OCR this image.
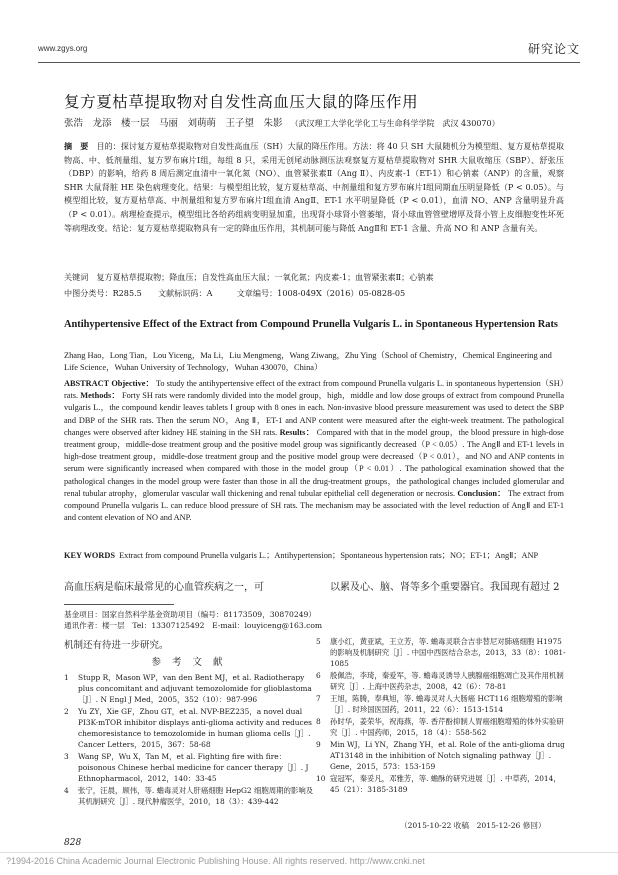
www.zgys.org	研究论文
复方夏枯草提取物对自发性高血压大鼠的降压作用
张浩　龙添　楼一层　马丽　刘萌萌　王子望　朱影 （武汉理工大学化学化工与生命科学学院　武汉 430070）
摘　要　 目的：探讨复方夏枯草提取物对自发性高血压（SH）大鼠的降压作用。方法：将 40 只 SH 大鼠随机分为模型组、复方夏枯草提取物高、中、低剂量组、复方罗布麻片Ⅰ组，每组 8 只，采用无创尾动脉测压法观察复方夏枯草提取物对 SHR 大鼠收缩压（SBP）、舒张压（DBP）的影响，给药 8 周后测定血清中一氧化氮（NO）、血管紧张素Ⅱ（Ang Ⅱ）、内皮素-1（ET-1）和心钠素（ANP）的含量，观察 SHR 大鼠肾脏 HE 染色病理变化。结果：与模型组比较，复方夏枯草高、中剂量组和复方罗布麻片Ⅰ组同期血压明显降低（P < 0.05）。与模型组比较，复方夏枯草高、中剂量组和复方罗布麻片Ⅰ组血清 AngⅡ、ET-1 水平明显降低（P < 0.01），血清 NO、ANP 含量明显升高（P < 0.01）。病理检查提示，模型组比各给药组病变明显加重，出现肾小球肾小管萎缩，肾小球血管管壁增厚及肾小管上皮细胞变性坏死等病理改变。结论：复方夏枯草提取物具有一定的降血压作用，其机制可能与降低 AngⅡ和 ET-1 含量、升高 NO 和 ANP 含量有关。
关键词　 复方夏枯草提取物；降血压；自发性高血压大鼠；一氧化氮；内皮素-1；血管紧张素Ⅱ；心钠素
中图分类号：R285.5　　文献标识码：A　　　文章编号：1008-049X（2016）05-0828-05
Antihypertensive Effect of the Extract from Compound Prunella Vulgaris L. in Spontaneous Hypertension Rats
Zhang Hao，Long Tian，Lou Yiceng，Ma Li，Liu Mengmeng，Wang Ziwang，Zhu Ying（School of Chemistry，Chemical Engineering and Life Science，Wuhan University of Technology，Wuhan 430070，China）
ABSTRACT Objective： To study the antihypertensive effect of the extract from compound Prunella vulgaris L. in spontaneous hypertension（SH）rats. Methods： Forty SH rats were randomly divided into the model group，high，middle and low dose groups of extract from compound Prunella vulgaris L.，the compound kendir leaves tablets Ⅰ group with 8 ones in each. Non-invasive blood pressure measurement was used to detect the SBP and DBP of the SHR rats. Then the serum NO，Ang Ⅱ，ET-1 and ANP content were measured after the eight-week treatment. The pathological changes were observed after kidney HE staining in the SH rats. Results： Compared with that in the model group，the blood pressure in high-dose treatment group，middle-dose treatment group and the positive model group was significantly decreased（P < 0.05）. The AngⅡ and ET-1 levels in high-dose treatment group，middle-dose treatment group and the positive model group were decreased（P < 0.01），and NO and ANP contents in serum were significantly increased when compared with those in the model group（P < 0.01）. The pathological examination showed that the pathological changes in the model group were faster than those in all the drug-treatment groups，the pathological changes included glomerular and renal tubular atrophy，glomerular vascular wall thickening and renal tubular epithelial cell degeneration or necrosis. Conclusion： The extract from compound Prunella vulgaris L. can reduce blood pressure of SH rats. The mechanism may be associated with the level reduction of AngⅡ and ET-1 and content elevation of NO and ANP.
KEY WORDS Extract from compound Prunella vulgaris L.；Antihypertension；Spontaneous hypertension rats；NO；ET-1；AngⅡ；ANP
高血压病是临床最常见的心血管疾病之一，可	以累及心、脑、肾等多个重要器官。我国现有超过 2
基金项目：国家自然科学基金资助项目（编号：81173509，30870249）
通讯作者：楼一层　Tel：13307125492　E-mail：louyiceng@163.com
机制还有待进一步研究。
参 考 文 献
1	Stupp R，Mason WP，van den Bent MJ，et al. Radiotherapy plus concomitant and adjuvant temozolomide for glioblastoma［J］. N Engl J Med，2005，352（10）：987-996
2	Yu ZY，Xie GF，Zhou GT，et al. NVP-BEZ235，a novel dual PI3K-mTOR inhibitor displays anti-glioma activity and reduces chemoresistance to temozolomide in human glioma cells［J］. Cancer Letters，2015，367：58-68
3	Wang SP，Wu X，Tan M，et al. Fighting fire with fire：poisonous Chinese herbal medicine for cancer therapy［J］. J Ethnopharmacol，2012，140：33-45
4	张宁，汪晨，顾伟，等. 蟾毒灵对人肝癌细胞 HepG2 细胞周期的影响及其机制研究［J］. 现代肿瘤医学，2010，18（3）：439-442
5	康小红，黄亚斌，王立芳，等. 蟾毒灵联合吉非替尼对肺癌细胞 H1975 的影响及机制研究［J］. 中国中西医结合杂志，2013，33（8）：1081-1085
6	殷佩浩，李琦，秦爱军，等. 蟾毒灵诱导人胰腺癌细胞凋亡及其作用机制研究［J］. 上海中医药杂志，2008，42（6）：78-81
7	王旭，陈腾，奉典旭，等. 蟾毒灵对人大肠癌 HCT116 细胞增殖的影响［J］. 时珍国医国药，2011，22（6）：1513-1514
8	孙时华，姜荣华，祝海燕，等. 香芹酚抑制人胃癌细胞增殖的体外实验研究［J］. 中国药师，2015，18（4）：558-562
9	Min WJ，Li YN，Zhang YH，et al. Role of the anti-glioma drug AT13148 in the inhibition of Notch signaling pathway［J］. Gene，2015，573：153-159
10 寇冠军，秦妥凡，邓雅芳，等. 蟾酥的研究进展［J］. 中草药，2014，45（21）：3185-3189
（2015-10-22 收稿　2015-12-26 修回）
828
?1994-2016 China Academic Journal Electronic Publishing House. All rights reserved. http://www.cnki.net
